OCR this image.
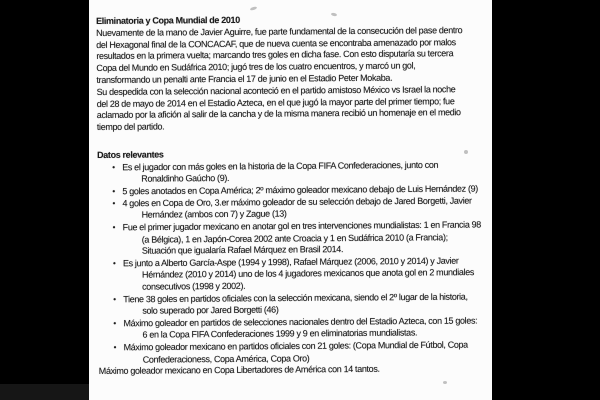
Eliminatoria y Copa Mundial de 2010
Nuevamente de la mano de Javier Aguirre, fue parte fundamental de la consecución del pase dentro
del Hexagonal final de la CONCACAF, que de nueva cuenta se encontraba amenazado por malos
resultados en la primera vuelta; marcando tres goles en dicha fase. Con esto disputaría su tercera
Copa del Mundo en Sudáfrica 2010; jugó tres de los cuatro encuentros, y marcó un gol,
transformando un penalti ante Francia el 17 de junio en el Estadio Peter Mokaba.
Su despedida con la selección nacional aconteció en el partido amistoso México vs Israel la noche
del 28 de mayo de 2014 en el Estadio Azteca, en el que jugó la mayor parte del primer tiempo; fue
aclamado por la afición al salir de la cancha y de la misma manera recibió un homenaje en el medio
tiempo del partido.
Datos relevantes
• Es el jugador con más goles en la historia de la Copa FIFA Confederaciones, junto con
Ronaldinho Gaúcho (9).
• 5 goles anotados en Copa América; 2º máximo goleador mexicano debajo de Luis Hernández (9)
• 4 goles en Copa de Oro, 3.er máximo goleador de su selección debajo de Jared Borgetti, Javier
Hernández (ambos con 7) y Zague (13)
• Fue el primer jugador mexicano en anotar gol en tres intervenciones mundialistas: 1 en Francia 98
(a Bélgica), 1 en Japón-Corea 2002 ante Croacia y 1 en Sudáfrica 2010 (a Francia);
Situación que igualaría Rafael Márquez en Brasil 2014.
• Es junto a Alberto García-Aspe (1994 y 1998), Rafael Márquez (2006, 2010 y 2014) y Javier
Hérnández (2010 y 2014) uno de los 4 jugadores mexicanos que anota gol en 2 mundiales
consecutivos (1998 y 2002).
• Tiene 38 goles en partidos oficiales con la selección mexicana, siendo el 2º lugar de la historia,
solo superado por Jared Borgetti (46)
• Máximo goleador en partidos de selecciones nacionales dentro del Estadio Azteca, con 15 goles:
6 en la Copa FIFA Confederaciones 1999 y 9 en eliminatorias mundialistas.
• Máximo goleador mexicano en partidos oficiales con 21 goles: (Copa Mundial de Fútbol, Copa
Confederacioness, Copa América, Copa Oro)
Máximo goleador mexicano en Copa Libertadores de América con 14 tantos.
